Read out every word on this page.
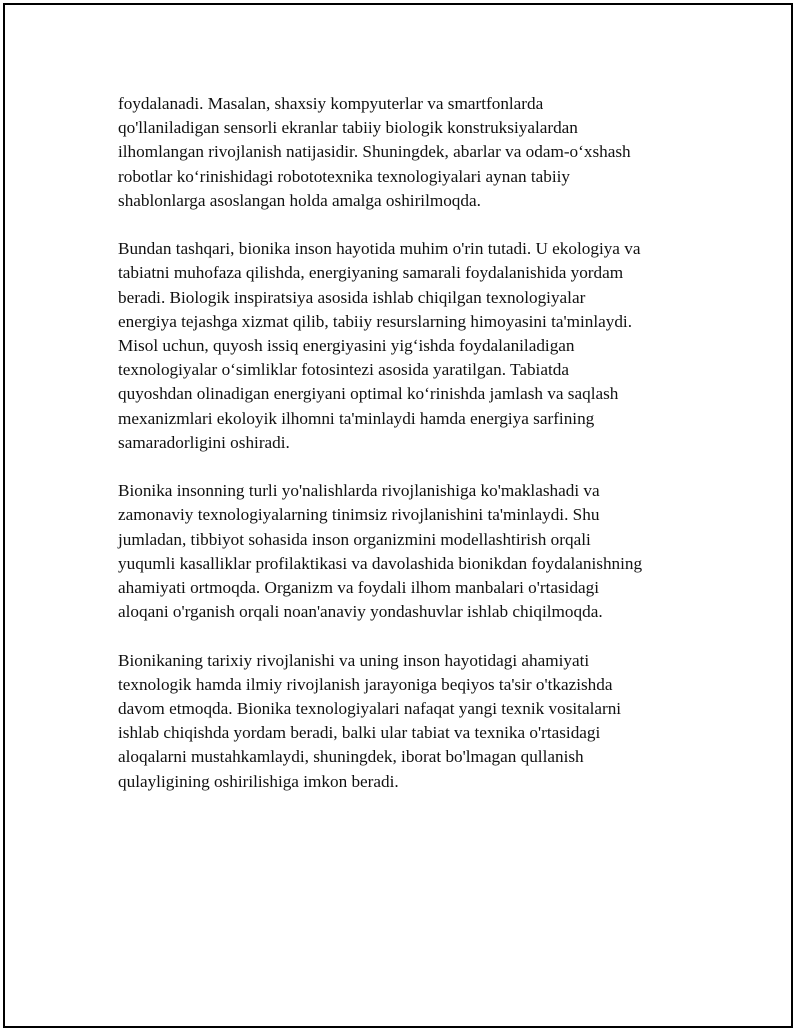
foydalanadi. Masalan, shaxsiy kompyuterlar va smartfonlarda
qo'llaniladigan sensorli ekranlar tabiiy biologik konstruksiyalardan
ilhomlangan rivojlanish natijasidir. Shuningdek, abarlar va odam-o‘xshash
robotlar ko‘rinishidagi robototexnika texnologiyalari aynan tabiiy
shablonlarga asoslangan holda amalga oshirilmoqda.

Bundan tashqari, bionika inson hayotida muhim o'rin tutadi. U ekologiya va
tabiatni muhofaza qilishda, energiyaning samarali foydalanishida yordam
beradi. Biologik inspiratsiya asosida ishlab chiqilgan texnologiyalar
energiya tejashga xizmat qilib, tabiiy resurslarning himoyasini ta'minlaydi.
Misol uchun, quyosh issiq energiyasini yig‘ishda foydalaniladigan
texnologiyalar o‘simliklar fotosintezi asosida yaratilgan. Tabiatda
quyoshdan olinadigan energiyani optimal ko‘rinishda jamlash va saqlash
mexanizmlari ekoloyik ilhomni ta'minlaydi hamda energiya sarfining
samaradorligini oshiradi.

Bionika insonning turli yo'nalishlarda rivojlanishiga ko'maklashadi va
zamonaviy texnologiyalarning tinimsiz rivojlanishini ta'minlaydi. Shu
jumladan, tibbiyot sohasida inson organizmini modellashtirish orqali
yuqumli kasalliklar profilaktikasi va davolashida bionikdan foydalanishning
ahamiyati ortmoqda. Organizm va foydali ilhom manbalari o'rtasidagi
aloqani o'rganish orqali noan'anaviy yondashuvlar ishlab chiqilmoqda.

Bionikaning tarixiy rivojlanishi va uning inson hayotidagi ahamiyati
texnologik hamda ilmiy rivojlanish jarayoniga beqiyos ta'sir o'tkazishda
davom etmoqda. Bionika texnologiyalari nafaqat yangi texnik vositalarni
ishlab chiqishda yordam beradi, balki ular tabiat va texnika o'rtasidagi
aloqalarni mustahkamlaydi, shuningdek, iborat bo'lmagan qullanish
qulayligining oshirilishiga imkon beradi.
